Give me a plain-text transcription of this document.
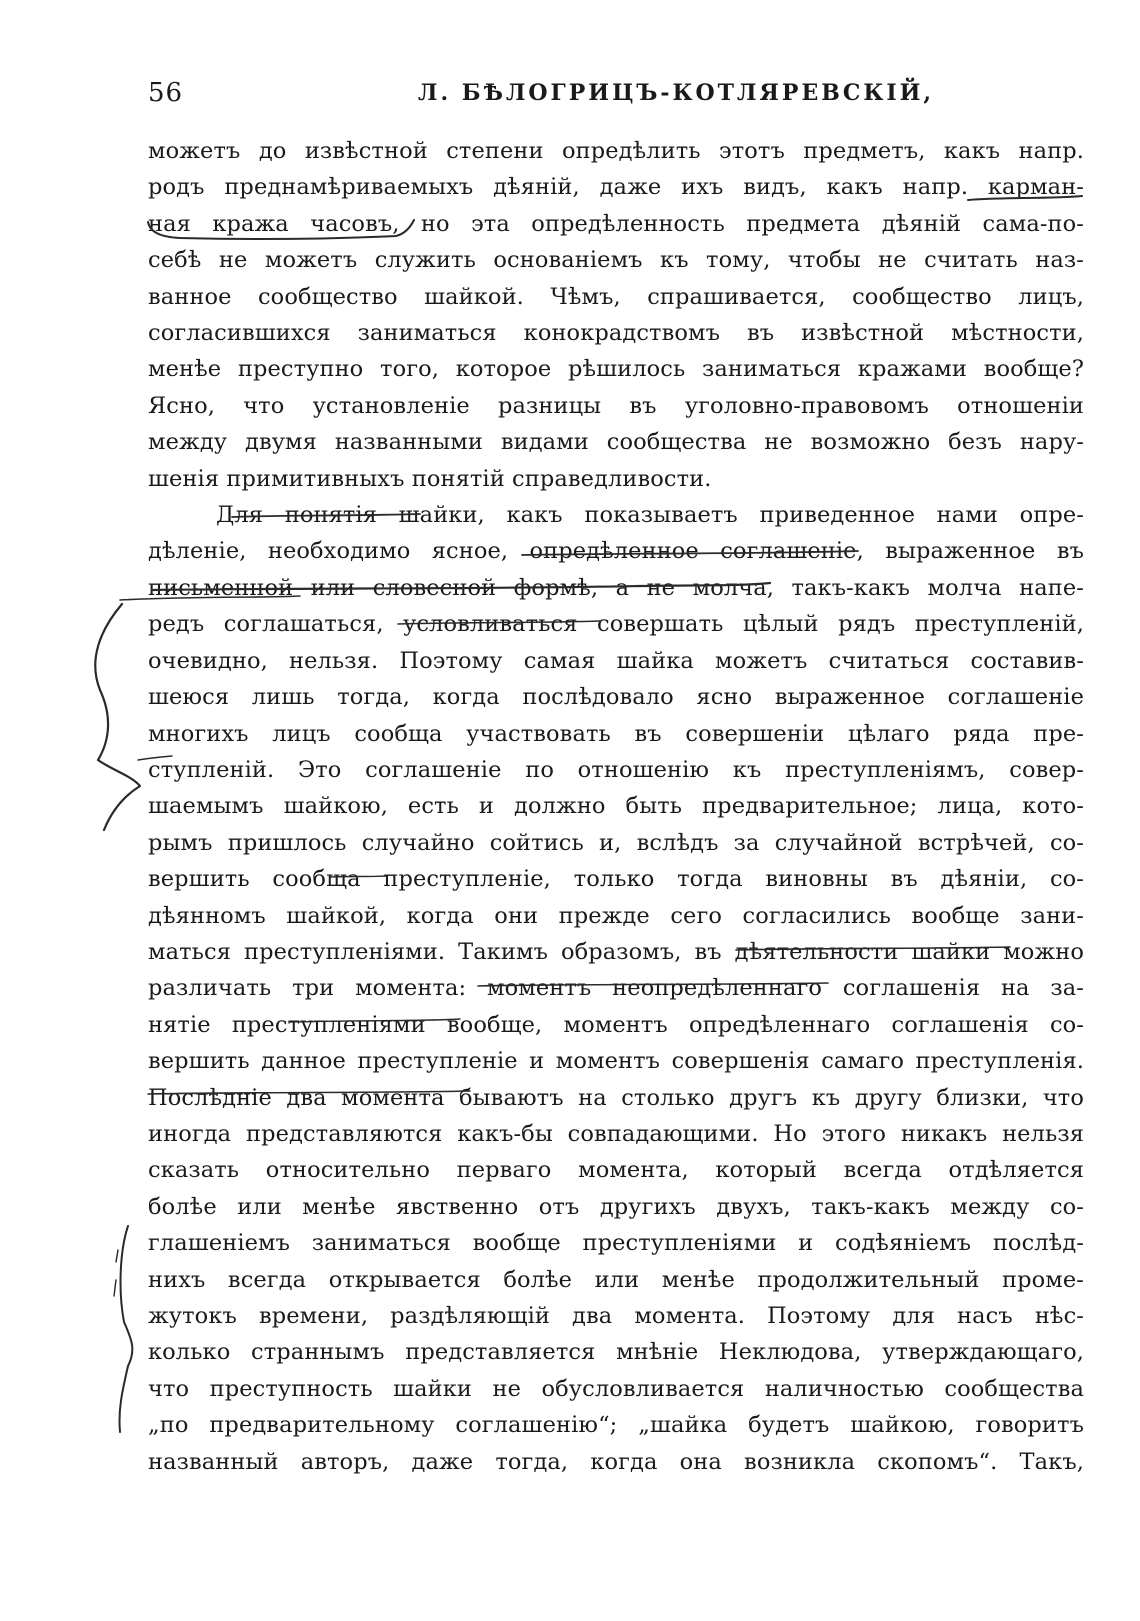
56	Л. БѢЛОГРИЦЪ-КОТЛЯРЕВСКІЙ,

можетъ до извѣстной степени опредѣлить этотъ предметъ, какъ напр.
родъ преднамѣриваемыхъ дѣяній, даже ихъ видъ, какъ напр. карман-
ная кража часовъ, но эта опредѣленность предмета дѣяній сама-по-
себѣ не можетъ служить основаніемъ къ тому, чтобы не считать наз-
ванное сообщество шайкой. Чѣмъ, спрашивается, сообщество лицъ,
согласившихся заниматься конокрадствомъ въ извѣстной мѣстности,
менѣе преступно того, которое рѣшилось заниматься кражами вообще?
Ясно, что установленіе разницы въ уголовно-правовомъ отношеніи
между двумя названными видами сообщества не возможно безъ нару-
шенія примитивныхъ понятій справедливости.

Для понятія шайки, какъ показываетъ приведенное нами опре-
дѣленіе, необходимо ясное, опредѣленное соглашеніе, выраженное въ
письменной или словесной формѣ, а не молча, такъ-какъ молча напе-
редъ соглашаться, условливаться совершать цѣлый рядъ преступленій,
очевидно, нельзя. Поэтому самая шайка можетъ считаться составив-
шеюся лишь тогда, когда послѣдовало ясно выраженное соглашеніе
многихъ лицъ сообща участвовать въ совершеніи цѣлаго ряда пре-
ступленій. Это соглашеніе по отношенію къ преступленіямъ, совер-
шаемымъ шайкою, есть и должно быть предварительное; лица, кото-
рымъ пришлось случайно сойтись и, вслѣдъ за случайной встрѣчей, со-
вершить сообща преступленіе, только тогда виновны въ дѣяніи, со-
дѣянномъ шайкой, когда они прежде сего согласились вообще зани-
маться преступленіями. Такимъ образомъ, въ дѣятельности шайки можно
различать три момента: моментъ неопредѣленнаго соглашенія на за-
нятіе преступленіями вообще, моментъ опредѣленнаго соглашенія со-
вершить данное преступленіе и моментъ совершенія самаго преступленія.
Послѣдніе два момента бываютъ на столько другъ къ другу близки, что
иногда представляются какъ-бы совпадающими. Но этого никакъ нельзя
сказать относительно перваго момента, который всегда отдѣляется
болѣе или менѣе явственно отъ другихъ двухъ, такъ-какъ между со-
глашеніемъ заниматься вообще преступленіями и содѣяніемъ послѣд-
нихъ всегда открывается болѣе или менѣе продолжительный проме-
жутокъ времени, раздѣляющій два момента. Поэтому для насъ нѣс-
колько страннымъ представляется мнѣніе Неклюдова, утверждающаго,
что преступность шайки не обусловливается наличностью сообщества
„по предварительному соглашенію“; „шайка будетъ шайкою, говоритъ
названный авторъ, даже тогда, когда она возникла скопомъ“. Такъ,
